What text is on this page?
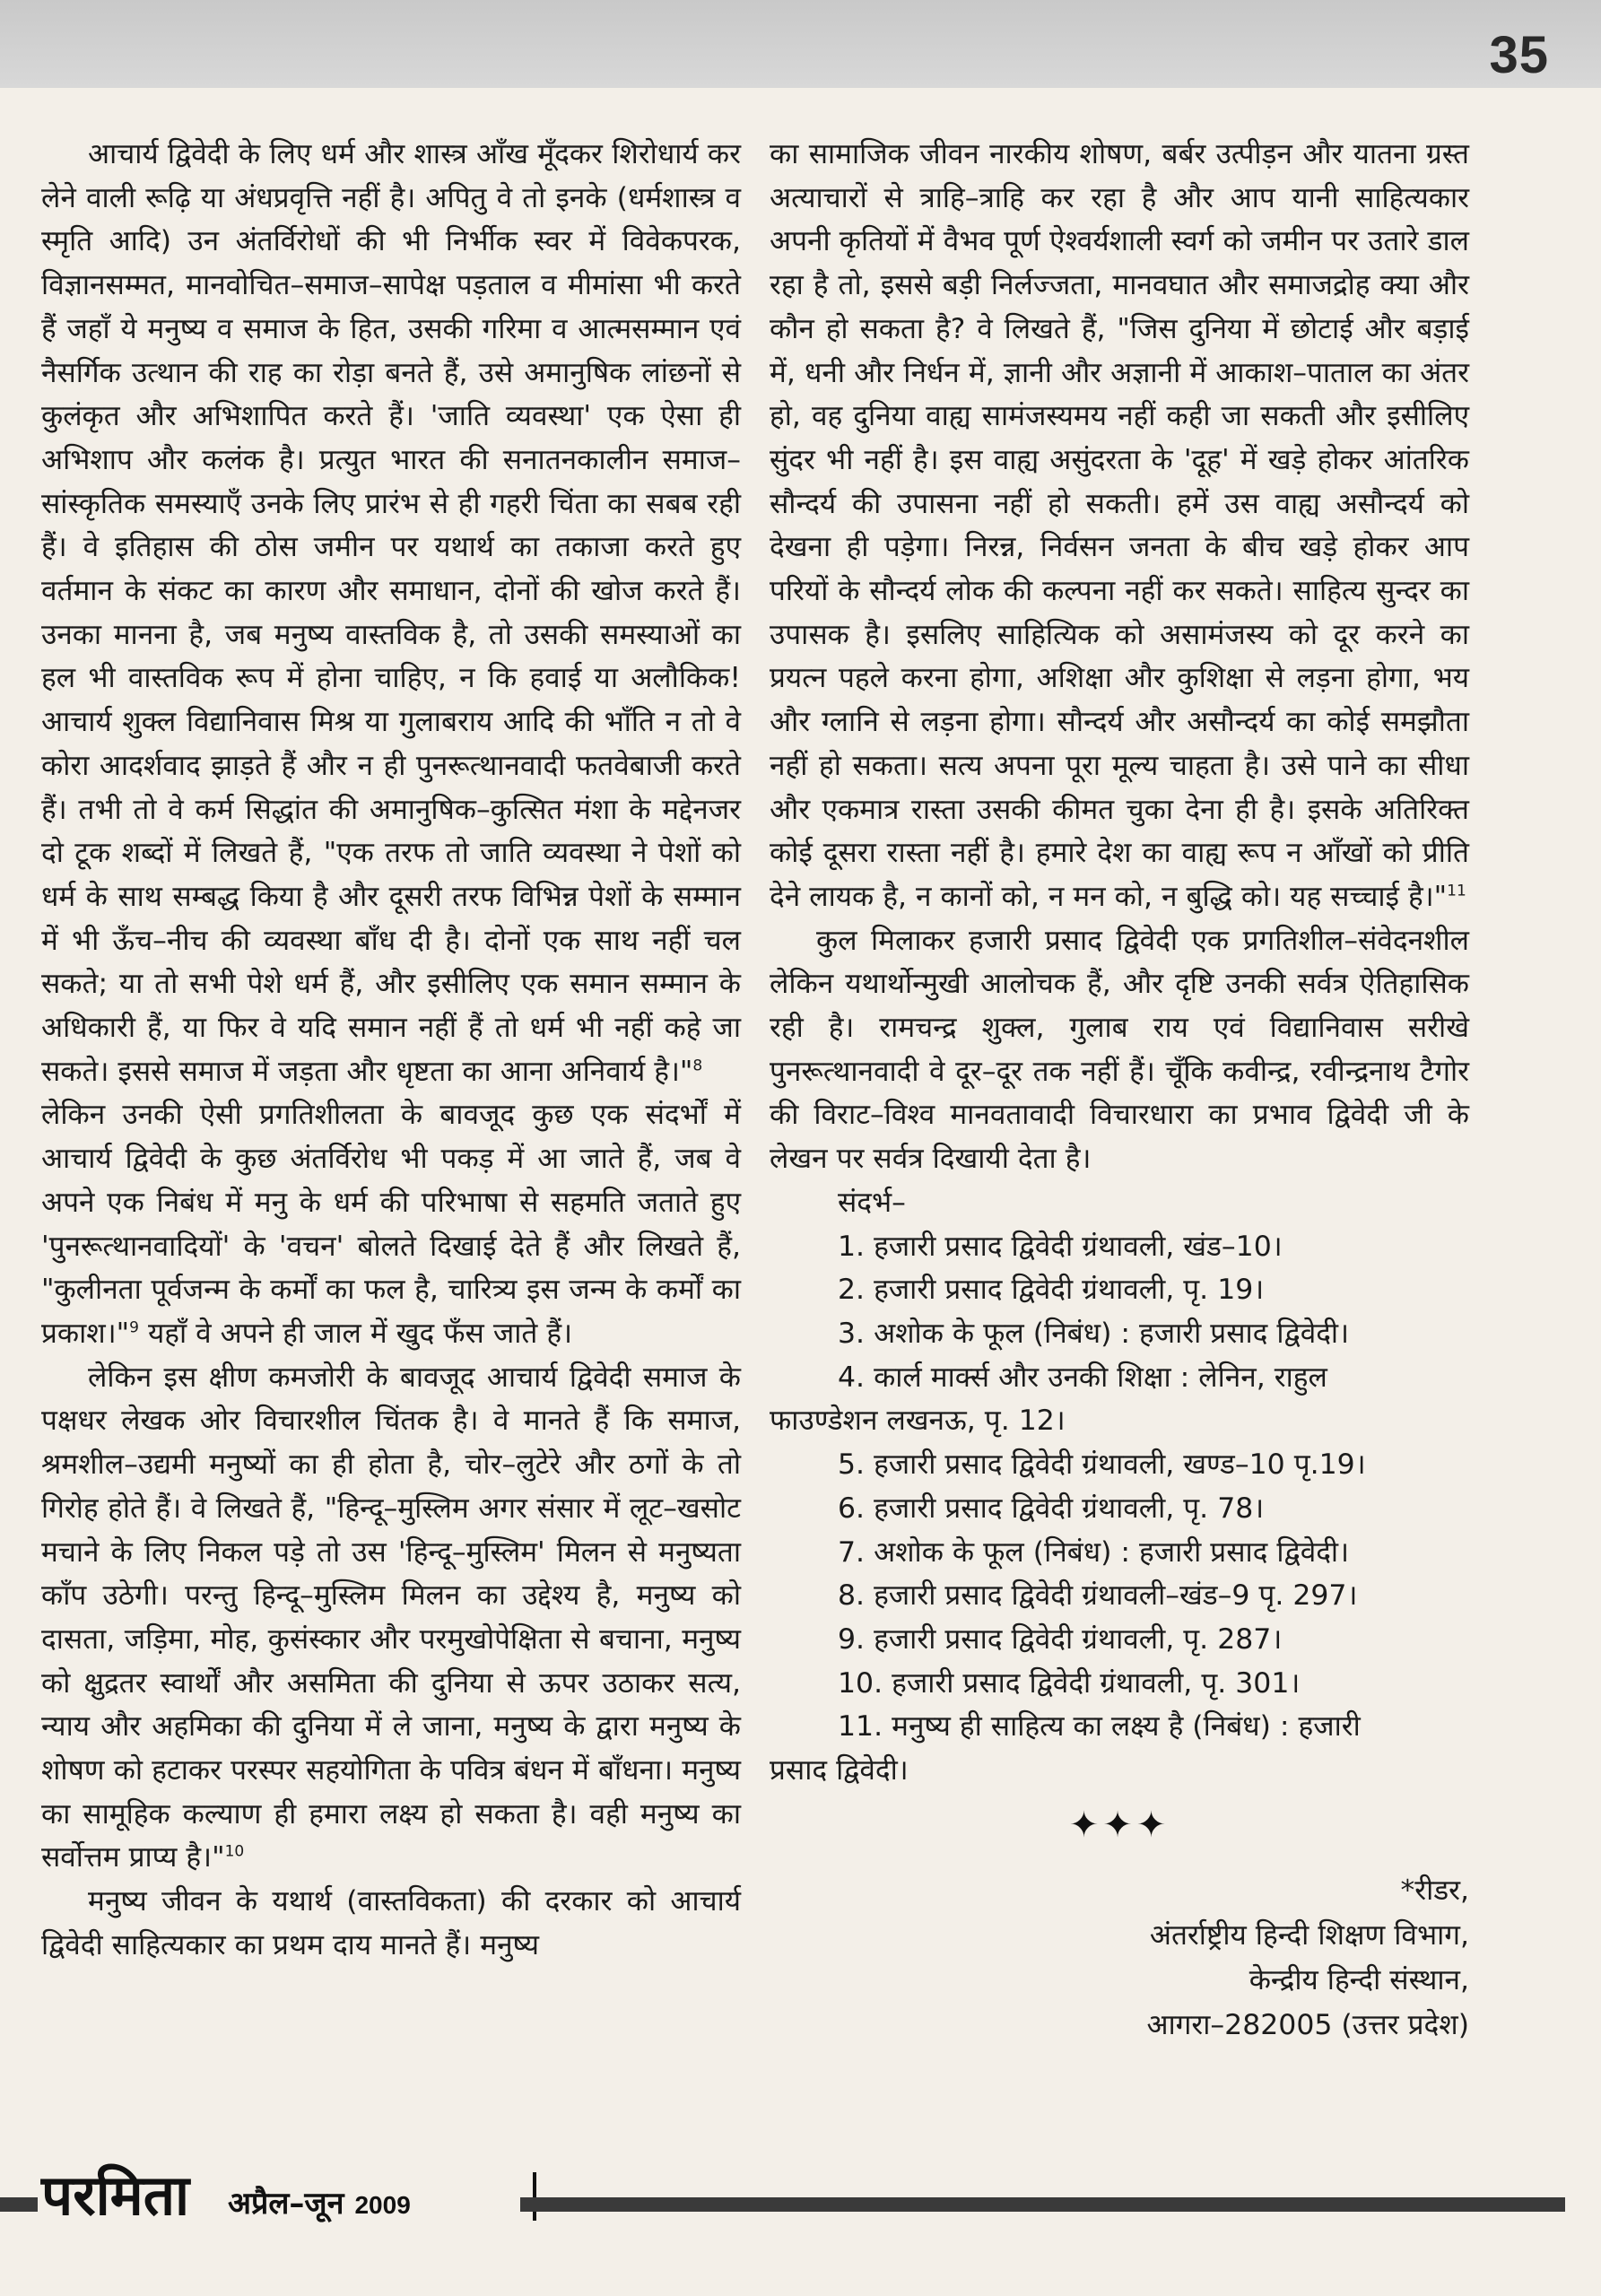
35

आचार्य द्विवेदी के लिए धर्म और शास्त्र आँख मूँदकर शिरोधार्य कर लेने वाली रूढ़ि या अंधप्रवृत्ति नहीं है। अपितु वे तो इनके (धर्मशास्त्र व स्मृति आदि) उन अंतर्विरोधों की भी निर्भीक स्वर में विवेकपरक, विज्ञानसम्मत, मानवोचित–समाज–सापेक्ष पड़ताल व मीमांसा भी करते हैं जहाँ ये मनुष्य व समाज के हित, उसकी गरिमा व आत्मसम्मान एवं नैसर्गिक उत्थान की राह का रोड़ा बनते हैं, उसे अमानुषिक लांछनों से कुलंकृत और अभिशापित करते हैं। 'जाति व्यवस्था' एक ऐसा ही अभिशाप और कलंक है। प्रत्युत भारत की सनातनकालीन समाज–सांस्कृतिक समस्याएँ उनके लिए प्रारंभ से ही गहरी चिंता का सबब रही हैं। वे इतिहास की ठोस जमीन पर यथार्थ का तकाजा करते हुए वर्तमान के संकट का कारण और समाधान, दोनों की खोज करते हैं। उनका मानना है, जब मनुष्य वास्तविक है, तो उसकी समस्याओं का हल भी वास्तविक रूप में होना चाहिए, न कि हवाई या अलौकिक! आचार्य शुक्ल विद्यानिवास मिश्र या गुलाबराय आदि की भाँति न तो वे कोरा आदर्शवाद झाड़ते हैं और न ही पुनरूत्थानवादी फतवेबाजी करते हैं। तभी तो वे कर्म सिद्धांत की अमानुषिक–कुत्सित मंशा के मद्देनजर दो टूक शब्दों में लिखते हैं, "एक तरफ तो जाति व्यवस्था ने पेशों को धर्म के साथ सम्बद्ध किया है और दूसरी तरफ विभिन्न पेशों के सम्मान में भी ऊँच–नीच की व्यवस्था बाँध दी है। दोनों एक साथ नहीं चल सकते; या तो सभी पेशे धर्म हैं, और इसीलिए एक समान सम्मान के अधिकारी हैं, या फिर वे यदि समान नहीं हैं तो धर्म भी नहीं कहे जा सकते। इससे समाज में जड़ता और धृष्टता का आना अनिवार्य है।"$^8$

लेकिन उनकी ऐसी प्रगतिशीलता के बावजूद कुछ एक संदर्भों में आचार्य द्विवेदी के कुछ अंतर्विरोध भी पकड़ में आ जाते हैं, जब वे अपने एक निबंध में मनु के धर्म की परिभाषा से सहमति जताते हुए 'पुनरूत्थानवादियों' के 'वचन' बोलते दिखाई देते हैं और लिखते हैं, "कुलीनता पूर्वजन्म के कर्मों का फल है, चारित्र्य इस जन्म के कर्मों का प्रकाश।"$^9$ यहाँ वे अपने ही जाल में खुद फँस जाते हैं।

लेकिन इस क्षीण कमजोरी के बावजूद आचार्य द्विवेदी समाज के पक्षधर लेखक ओर विचारशील चिंतक है। वे मानते हैं कि समाज, श्रमशील–उद्यमी मनुष्यों का ही होता है, चोर–लुटेरे और ठगों के तो गिरोह होते हैं। वे लिखते हैं, "हिन्दू–मुस्लिम अगर संसार में लूट–खसोट मचाने के लिए निकल पड़े तो उस 'हिन्दू–मुस्लिम' मिलन से मनुष्यता काँप उठेगी। परन्तु हिन्दू–मुस्लिम मिलन का उद्देश्य है, मनुष्य को दासता, जड़िमा, मोह, कुसंस्कार और परमुखोपेक्षिता से बचाना, मनुष्य को क्षुद्रतर स्वार्थों और असमिता की दुनिया से ऊपर उठाकर सत्य, न्याय और अहमिका की दुनिया में ले जाना, मनुष्य के द्वारा मनुष्य के शोषण को हटाकर परस्पर सहयोगिता के पवित्र बंधन में बाँधना। मनुष्य का सामूहिक कल्याण ही हमारा लक्ष्य हो सकता है। वही मनुष्य का सर्वोत्तम प्राप्य है।"$^{10}$

मनुष्य जीवन के यथार्थ (वास्तविकता) की दरकार को आचार्य द्विवेदी साहित्यकार का प्रथम दाय मानते हैं। मनुष्य

का सामाजिक जीवन नारकीय शोषण, बर्बर उत्पीड़न और यातना ग्रस्त अत्याचारों से त्राहि–त्राहि कर रहा है और आप यानी साहित्यकार अपनी कृतियों में वैभव पूर्ण ऐश्वर्यशाली स्वर्ग को जमीन पर उतारे डाल रहा है तो, इससे बड़ी निर्लज्जता, मानवघात और समाजद्रोह क्या और कौन हो सकता है? वे लिखते हैं, "जिस दुनिया में छोटाई और बड़ाई में, धनी और निर्धन में, ज्ञानी और अज्ञानी में आकाश–पाताल का अंतर हो, वह दुनिया वाह्य सामंजस्यमय नहीं कही जा सकती और इसीलिए सुंदर भी नहीं है। इस वाह्य असुंदरता के 'दूह' में खड़े होकर आंतरिक सौन्दर्य की उपासना नहीं हो सकती। हमें उस वाह्य असौन्दर्य को देखना ही पड़ेगा। निरन्न, निर्वसन जनता के बीच खड़े होकर आप परियों के सौन्दर्य लोक की कल्पना नहीं कर सकते। साहित्य सुन्दर का उपासक है। इसलिए साहित्यिक को असामंजस्य को दूर करने का प्रयत्न पहले करना होगा, अशिक्षा और कुशिक्षा से लड़ना होगा, भय और ग्लानि से लड़ना होगा। सौन्दर्य और असौन्दर्य का कोई समझौता नहीं हो सकता। सत्य अपना पूरा मूल्य चाहता है। उसे पाने का सीधा और एकमात्र रास्ता उसकी कीमत चुका देना ही है। इसके अतिरिक्त कोई दूसरा रास्ता नहीं है। हमारे देश का वाह्य रूप न आँखों को प्रीति देने लायक है, न कानों को, न मन को, न बुद्धि को। यह सच्चाई है।"$^{11}$

कुल मिलाकर हजारी प्रसाद द्विवेदी एक प्रगतिशील–संवेदनशील लेकिन यथार्थोन्मुखी आलोचक हैं, और दृष्टि उनकी सर्वत्र ऐतिहासिक रही है। रामचन्द्र शुक्ल, गुलाब राय एवं विद्यानिवास सरीखे पुनरूत्थानवादी वे दूर–दूर तक नहीं हैं। चूँकि कवीन्द्र, रवीन्द्रनाथ टैगोर की विराट–विश्व मानवतावादी विचारधारा का प्रभाव द्विवेदी जी के लेखन पर सर्वत्र दिखायी देता है।

संदर्भ–

1. हजारी प्रसाद द्विवेदी ग्रंथावली, खंड–10।

2. हजारी प्रसाद द्विवेदी ग्रंथावली, पृ. 19।

3. अशोक के फूल (निबंध) : हजारी प्रसाद द्विवेदी।

4. कार्ल मार्क्स और उनकी शिक्षा : लेनिन, राहुल

फाउण्डेशन लखनऊ, पृ. 12।

5. हजारी प्रसाद द्विवेदी ग्रंथावली, खण्ड–10 पृ.19।

6. हजारी प्रसाद द्विवेदी ग्रंथावली, पृ. 78।

7. अशोक के फूल (निबंध) : हजारी प्रसाद द्विवेदी।

8. हजारी प्रसाद द्विवेदी ग्रंथावली–खंड–9 पृ. 297।

9. हजारी प्रसाद द्विवेदी ग्रंथावली, पृ. 287।

10. हजारी प्रसाद द्विवेदी ग्रंथावली, पृ. 301।

11. मनुष्य ही साहित्य का लक्ष्य है (निबंध) : हजारी

प्रसाद द्विवेदी।

✦✦✦
*रीडर,
अंतर्राष्ट्रीय हिन्दी शिक्षण विभाग,
केन्द्रीय हिन्दी संस्थान,
आगरा–282005 (उत्तर प्रदेश)
परमिता अप्रैल–जून 2009
